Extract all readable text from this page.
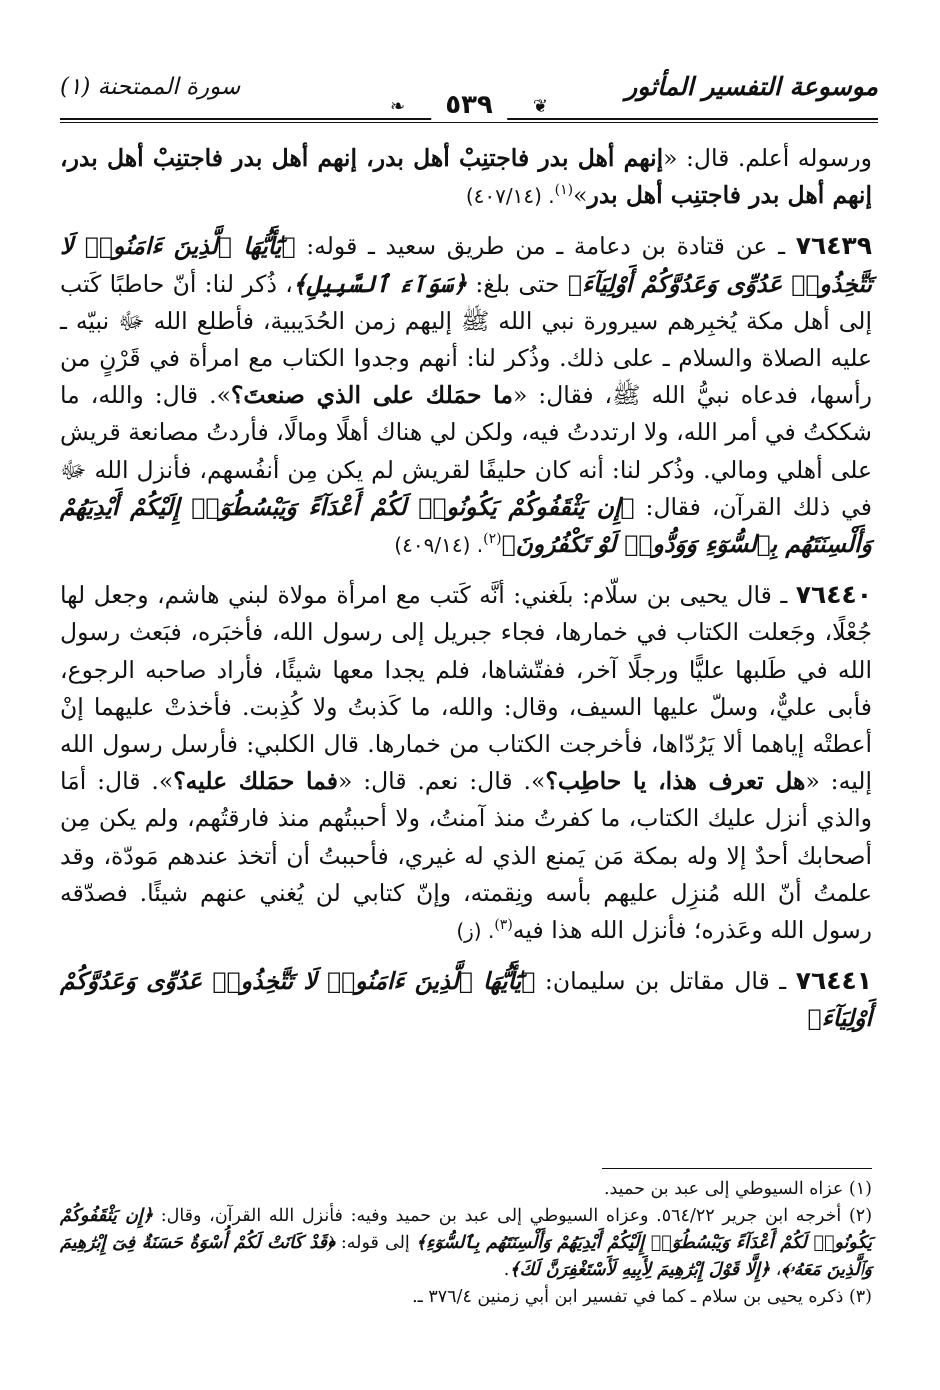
موسوعة التفسير المأثور
❦
٥٣٩
❧
سورة الممتحنة (١)

ورسوله أعلم. قال: «إنهم أهل بدر فاجتنِبْ أهل بدر، إنهم أهل بدر فاجتنِبْ أهل بدر، إنهم أهل بدر فاجتنِب أهل بدر»$^{(١)}$. (٤٠٧/١٤)

٧٦٤٣٩ ـ عن قتادة بن دعامة ـ من طريق سعيد ـ قوله: ﴿يَٰٓأَيُّهَا ٱلَّذِينَ ءَامَنُوا۟ لَا تَتَّخِذُوا۟ عَدُوِّى وَعَدُوَّكُمْ أَوْلِيَآءَ﴾ حتى بلغ: ﴿سَوَآءَ ٱلسَّبِيلِ﴾، ذُكر لنا: أنّ حاطبًا كَتب إلى أهل مكة يُخبِرهم سيرورة نبي الله ﷺ إليهم زمن الحُدَيبية، فأطلع الله ﷻ نبيّه ـ عليه الصلاة والسلام ـ على ذلك. وذُكر لنا: أنهم وجدوا الكتاب مع امرأة في قَرْنٍ من رأسها، فدعاه نبيُّ الله ﷺ، فقال: «ما حمَلك على الذي صنعتَ؟». قال: والله، ما شككتُ في أمر الله، ولا ارتددتُ فيه، ولكن لي هناك أهلًا ومالًا، فأردتُ مصانعة قريش على أهلي ومالي. وذُكر لنا: أنه كان حليفًا لقريش لم يكن مِن أنفُسهم، فأنزل الله ﷻ في ذلك القرآن، فقال: ﴿إِن يَثْقَفُوكُمْ يَكُونُوا۟ لَكُمْ أَعْدَآءً وَيَبْسُطُوٓا۟ إِلَيْكُمْ أَيْدِيَهُمْ وَأَلْسِنَتَهُم بِٱلسُّوٓءِ وَوَدُّوا۟ لَوْ تَكْفُرُونَ﴾$^{(٢)}$. (٤٠٩/١٤)

٧٦٤٤٠ ـ قال يحيى بن سلّام: بلَغني: أنَّه كَتب مع امرأة مولاة لبني هاشم، وجعل لها جُعْلًا، وجَعلت الكتاب في خمارها، فجاء جبريل إلى رسول الله، فأخبَره، فبَعث رسول الله في طَلبها عليًّا ورجلًا آخر، ففتّشاها، فلم يجدا معها شيئًا، فأراد صاحبه الرجوع، فأبى عليٌّ، وسلّ عليها السيف، وقال: والله، ما كَذبتُ ولا كُذِبت. فأخذتْ عليهما إنْ أعطتْه إياهما ألا يَرُدّاها، فأخرجت الكتاب من خمارها. قال الكلبي: فأرسل رسول الله إليه: «هل تعرف هذا، يا حاطِب؟». قال: نعم. قال: «فما حمَلك عليه؟». قال: أمَا والذي أنزل عليك الكتاب، ما كفرتُ منذ آمنتُ، ولا أحببتُهم منذ فارقتُهم، ولم يكن مِن أصحابك أحدٌ إلا وله بمكة مَن يَمنع الذي له غيري، فأحببتُ أن أتخذ عندهم مَودّة، وقد علمتُ أنّ الله مُنزِل عليهم بأسه ونِقمته، وإنّ كتابي لن يُغني عنهم شيئًا. فصدّقه رسول الله وعَذره؛ فأنزل الله هذا فيه$^{(٣)}$. (ز)

٧٦٤٤١ ـ قال مقاتل بن سليمان: ﴿يَٰٓأَيُّهَا ٱلَّذِينَ ءَامَنُوا۟ لَا تَتَّخِذُوا۟ عَدُوِّى وَعَدُوَّكُمْ أَوْلِيَآءَ﴾

(١) عزاه السيوطي إلى عبد بن حميد.

(٢) أخرجه ابن جرير ٥٦٤/٢٢. وعزاه السيوطي إلى عبد بن حميد وفيه: فأنزل الله القرآن، وقال: ﴿إِن يَثْقَفُوكُمْ يَكُونُوا۟ لَكُمْ أَعْدَآءً وَيَبْسُطُوٓا۟ إِلَيْكُمْ أَيْدِيَهُمْ وَأَلْسِنَتَهُم بِٱلسُّوٓءِ﴾ إلى قوله: ﴿قَدْ كَانَتْ لَكُمْ أُسْوَةٌ حَسَنَةٌ فِىٓ إِبْرَٰهِيمَ وَٱلَّذِينَ مَعَهُۥ﴾، ﴿إِلَّا قَوْلَ إِبْرَٰهِيمَ لِأَبِيهِ لَأَسْتَغْفِرَنَّ لَكَ﴾.

(٣) ذكره يحيى بن سلام ـ كما في تفسير ابن أبي زمنين ٣٧٦/٤ ـ.
